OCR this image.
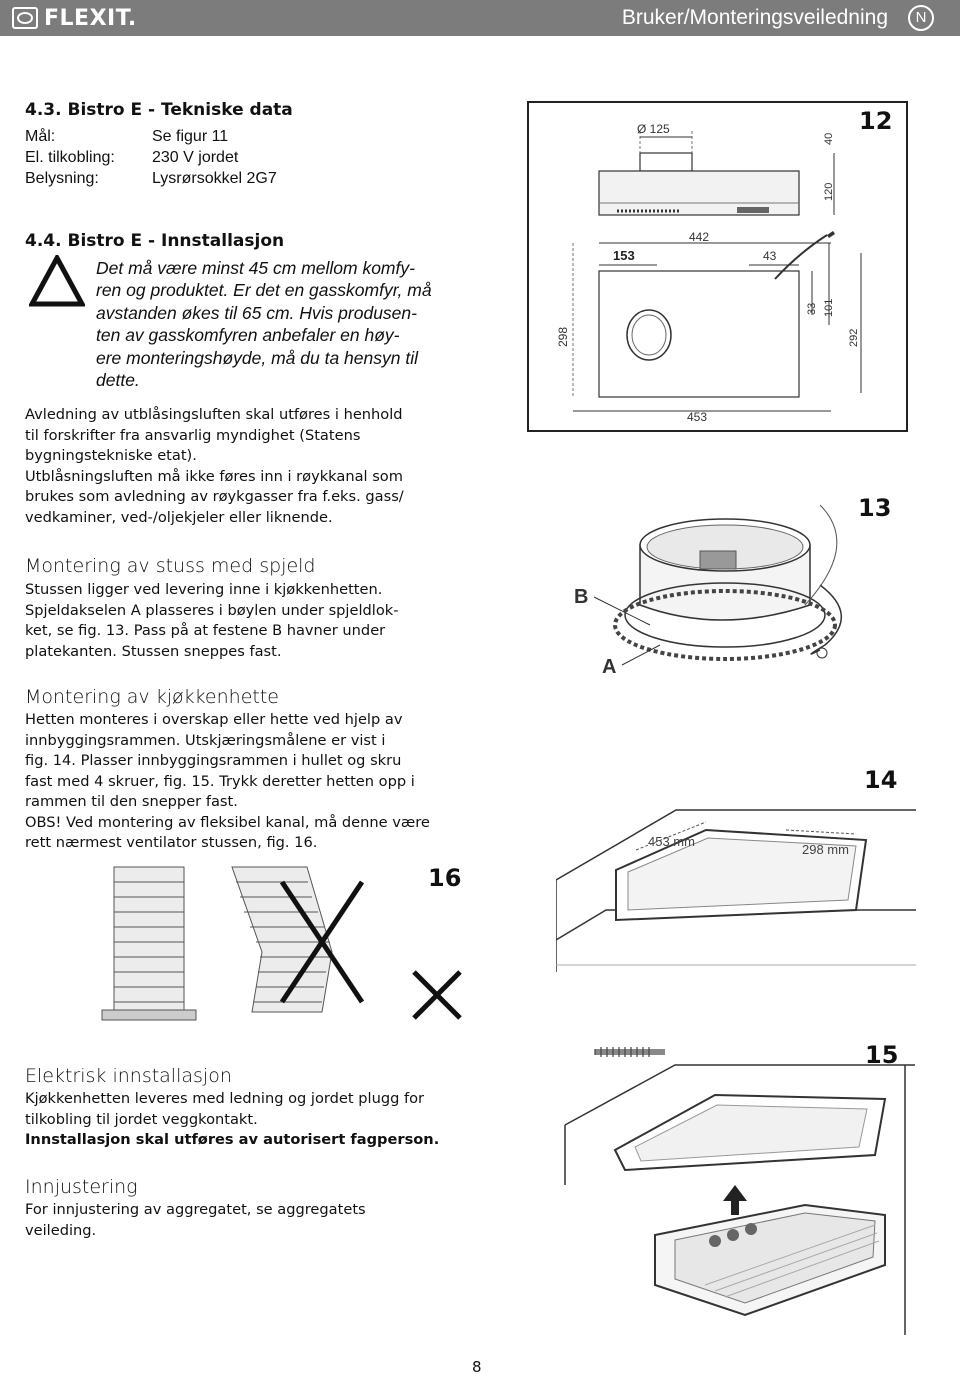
FLEXIT.	Bruker/Monteringsveiledning	N
4.3. Bistro E - Tekniske data
Mål:	Se figur 11
El. tilkobling: 230 V jordet
Belysning:	Lysrørsokkel 2G7
4.4. Bistro E - Innstallasjon
Det må være minst 45 cm mellom komfy-
ren og produktet. Er det en gasskomfyr, må
avstanden økes til 65 cm. Hvis produsen-
ten av gasskomfyren anbefaler en høy-
ere monteringshøyde, må du ta hensyn til
dette.
Avledning av utblåsingsluften skal utføres i henhold
til forskrifter fra ansvarlig myndighet (Statens
bygningstekniske etat).
Utblåsningsluften må ikke føres inn i røykkanal som
brukes som avledning av røykgasser fra f.eks. gass/
vedkaminer, ved-/oljekjeler eller liknende.
Montering av stuss med spjeld
Stussen ligger ved levering inne i kjøkkenhetten.
Spjeldakselen A plasseres i bøylen under spjeldlok-
ket, se fig. 13. Pass på at festene B havner under
platekanten. Stussen sneppes fast.
Montering av kjøkkenhette
Hetten monteres i overskap eller hette ved hjelp av
innbyggingsrammen. Utskjæringsmålene er vist i
fig. 14. Plasser innbyggingsrammen i hullet og skru
fast med 4 skruer, fig. 15. Trykk deretter hetten opp i
rammen til den snepper fast.
OBS! Ved montering av fleksibel kanal, må denne være
rett nærmest ventilator stussen, fig. 16.
Elektrisk innstallasjon
Kjøkkenhetten leveres med ledning og jordet plugg for
tilkobling til jordet veggkontakt.
Innstallasjon skal utføres av autorisert fagperson.
Innjustering
For innjustering av aggregatet, se aggregatets
veileding.
Ø 125
40
120
442
153	43
298
33 101
292
453
12
B
A
13
14
453 mm
298 mm
16
15
8
